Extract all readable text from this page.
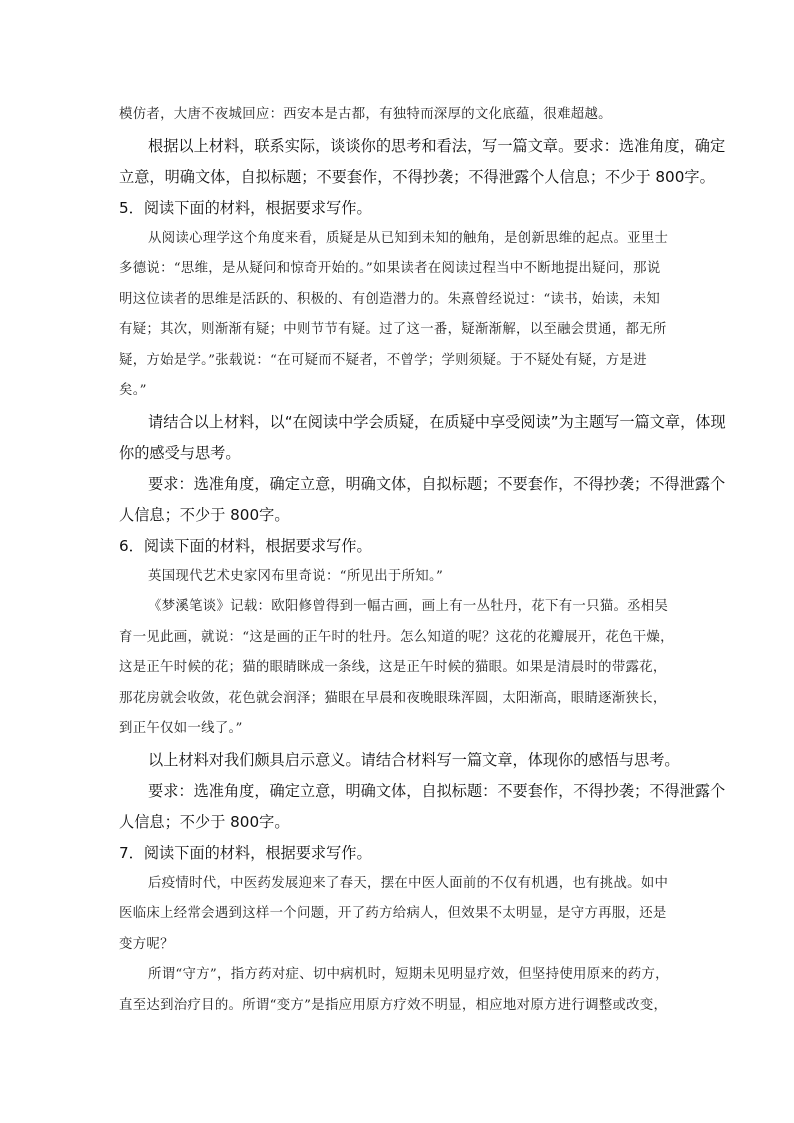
模仿者，大唐不夜城回应：西安本是古都，有独特而深厚的文化底蕴，很难超越。

根据以上材料，联系实际，谈谈你的思考和看法，写一篇文章。要求：选准角度，确定

立意，明确文体，自拟标题；不要套作，不得抄袭；不得泄露个人信息；不少于 800字。

5．阅读下面的材料，根据要求写作。

从阅读心理学这个角度来看，质疑是从已知到未知的触角，是创新思维的起点。亚里士

多德说：“思维，是从疑问和惊奇开始的。”如果读者在阅读过程当中不断地提出疑问，那说

明这位读者的思维是活跃的、积极的、有创造潜力的。朱熹曾经说过：“读书，始读，未知

有疑；其次，则渐渐有疑；中则节节有疑。过了这一番，疑渐渐解，以至融会贯通，都无所

疑，方始是学。”张载说：“在可疑而不疑者，不曾学；学则须疑。于不疑处有疑，方是进

矣。”

请结合以上材料，以“在阅读中学会质疑，在质疑中享受阅读”为主题写一篇文章，体现

你的感受与思考。

要求：选准角度，确定立意，明确文体，自拟标题；不要套作，不得抄袭；不得泄露个

人信息；不少于 800字。

6．阅读下面的材料，根据要求写作。

英国现代艺术史家冈布里奇说：“所见出于所知。”

《梦溪笔谈》记载：欧阳修曾得到一幅古画，画上有一丛牡丹，花下有一只猫。丞相吴

育一见此画，就说：“这是画的正午时的牡丹。怎么知道的呢？这花的花瓣展开，花色干燥，

这是正午时候的花；猫的眼睛眯成一条线，这是正午时候的猫眼。如果是清晨时的带露花，

那花房就会收敛，花色就会润泽；猫眼在早晨和夜晚眼珠浑圆，太阳渐高，眼睛逐渐狭长，

到正午仅如一线了。”

以上材料对我们颇具启示意义。请结合材料写一篇文章，体现你的感悟与思考。

要求：选准角度，确定立意，明确文体，自拟标题：不要套作，不得抄袭；不得泄露个

人信息；不少于 800字。

7．阅读下面的材料，根据要求写作。

后疫情时代，中医药发展迎来了春天，摆在中医人面前的不仅有机遇，也有挑战。如中

医临床上经常会遇到这样一个问题，开了药方给病人，但效果不太明显，是守方再服，还是

变方呢？

所谓“守方”，指方药对症、切中病机时，短期未见明显疗效，但坚持使用原来的药方，

直至达到治疗目的。所谓“变方”是指应用原方疗效不明显，相应地对原方进行调整或改变，
